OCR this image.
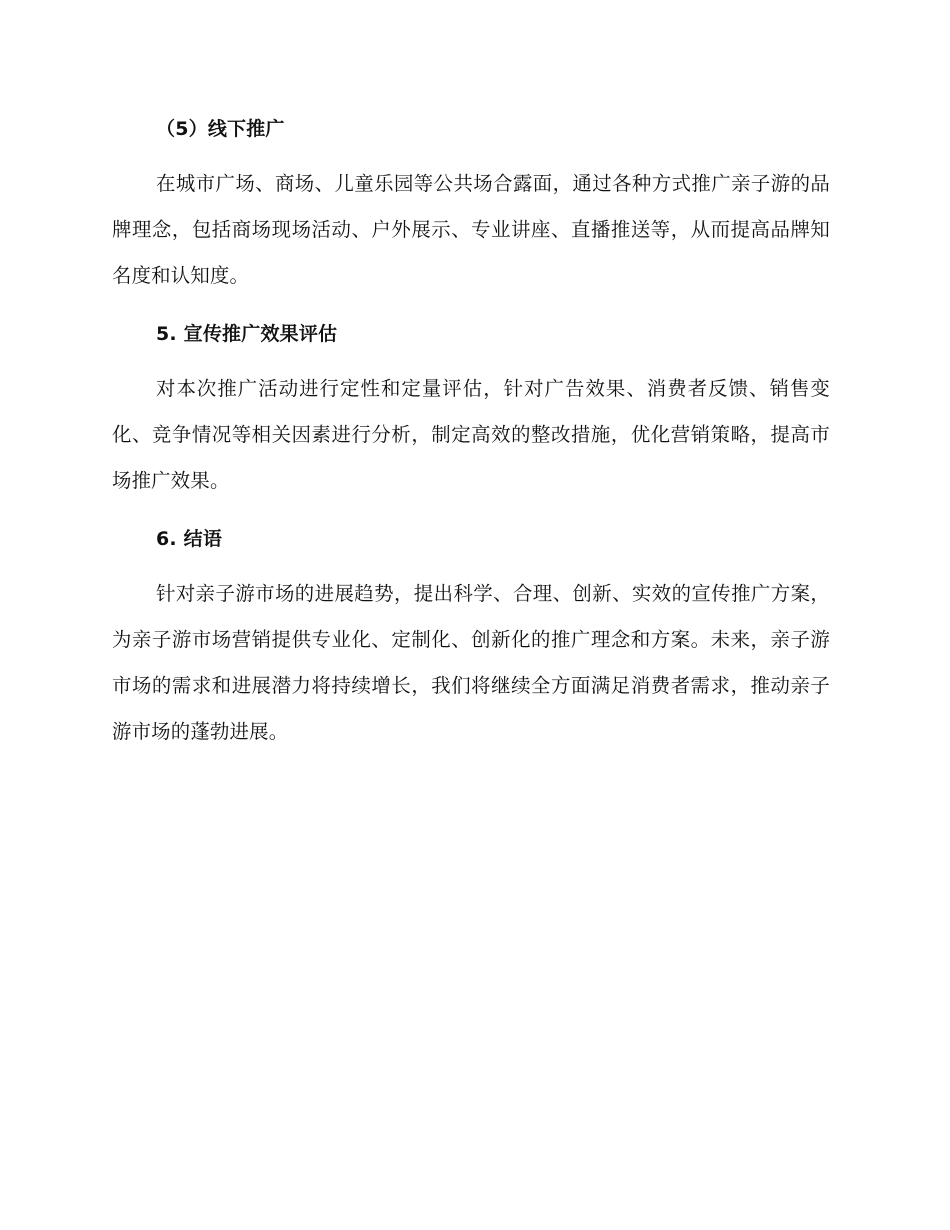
（5）线下推广

在城市广场、商场、儿童乐园等公共场合露面，通过各种方式推广亲子游的品牌理念，包括商场现场活动、户外展示、专业讲座、直播推送等，从而提高品牌知名度和认知度。

5. 宣传推广效果评估

对本次推广活动进行定性和定量评估，针对广告效果、消费者反馈、销售变化、竞争情况等相关因素进行分析，制定高效的整改措施，优化营销策略，提高市场推广效果。

6. 结语

针对亲子游市场的进展趋势，提出科学、合理、创新、实效的宣传推广方案，为亲子游市场营销提供专业化、定制化、创新化的推广理念和方案。未来，亲子游市场的需求和进展潜力将持续增长，我们将继续全方面满足消费者需求，推动亲子游市场的蓬勃进展。
